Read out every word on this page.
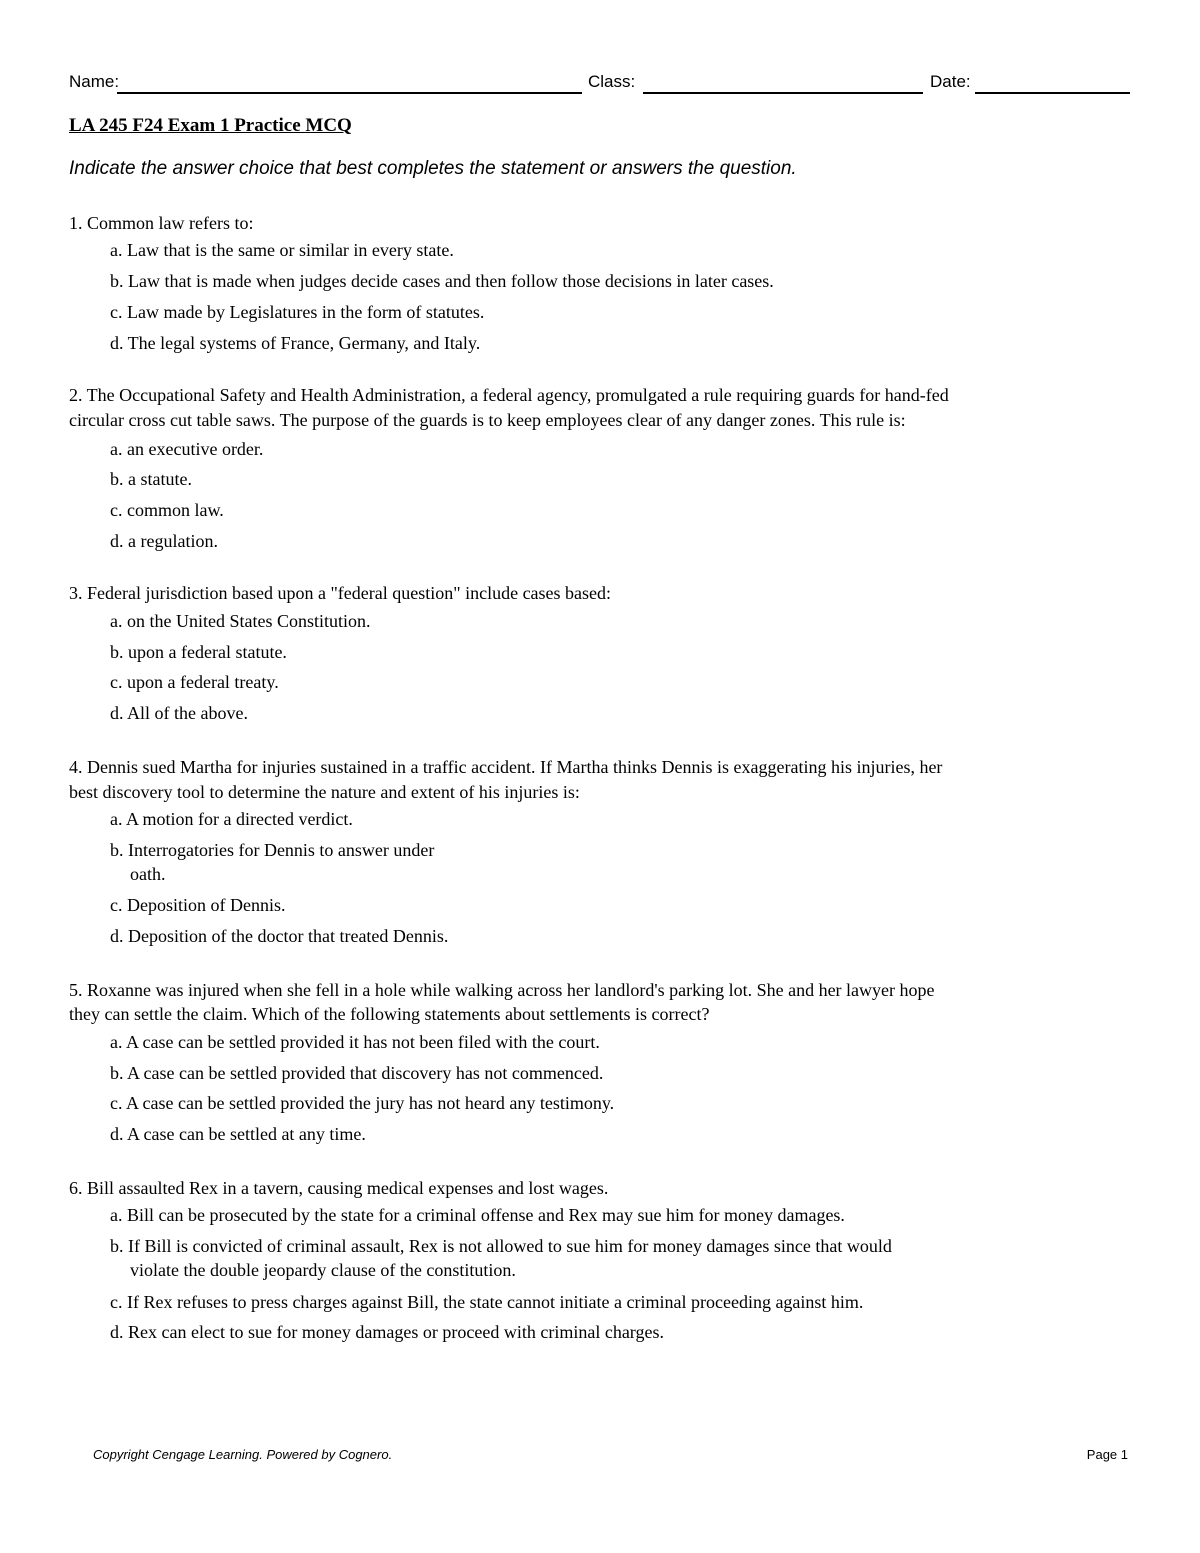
Name:	Class:	Date:
LA 245 F24 Exam 1 Practice MCQ
Indicate the answer choice that best completes the statement or answers the question.
1. Common law refers to:
a. Law that is the same or similar in every state.
b. Law that is made when judges decide cases and then follow those decisions in later cases.
c. Law made by Legislatures in the form of statutes.
d. The legal systems of France, Germany, and Italy.
2. The Occupational Safety and Health Administration, a federal agency, promulgated a rule requiring guards for hand-fed
circular cross cut table saws. The purpose of the guards is to keep employees clear of any danger zones. This rule is:
a. an executive order.
b. a statute.
c. common law.
d. a regulation.
3. Federal jurisdiction based upon a "federal question" include cases based:
a. on the United States Constitution.
b. upon a federal statute.
c. upon a federal treaty.
d. All of the above.
4. Dennis sued Martha for injuries sustained in a traffic accident. If Martha thinks Dennis is exaggerating his injuries, her
best discovery tool to determine the nature and extent of his injuries is:
a. A motion for a directed verdict.
b. Interrogatories for Dennis to answer under
oath.
c. Deposition of Dennis.
d. Deposition of the doctor that treated Dennis.
5. Roxanne was injured when she fell in a hole while walking across her landlord's parking lot. She and her lawyer hope
they can settle the claim. Which of the following statements about settlements is correct?
a. A case can be settled provided it has not been filed with the court.
b. A case can be settled provided that discovery has not commenced.
c. A case can be settled provided the jury has not heard any testimony.
d. A case can be settled at any time.
6. Bill assaulted Rex in a tavern, causing medical expenses and lost wages.
a. Bill can be prosecuted by the state for a criminal offense and Rex may sue him for money damages.
b. If Bill is convicted of criminal assault, Rex is not allowed to sue him for money damages since that would
violate the double jeopardy clause of the constitution.
c. If Rex refuses to press charges against Bill, the state cannot initiate a criminal proceeding against him.
d. Rex can elect to sue for money damages or proceed with criminal charges.
Copyright Cengage Learning. Powered by Cognero.	Page 1
